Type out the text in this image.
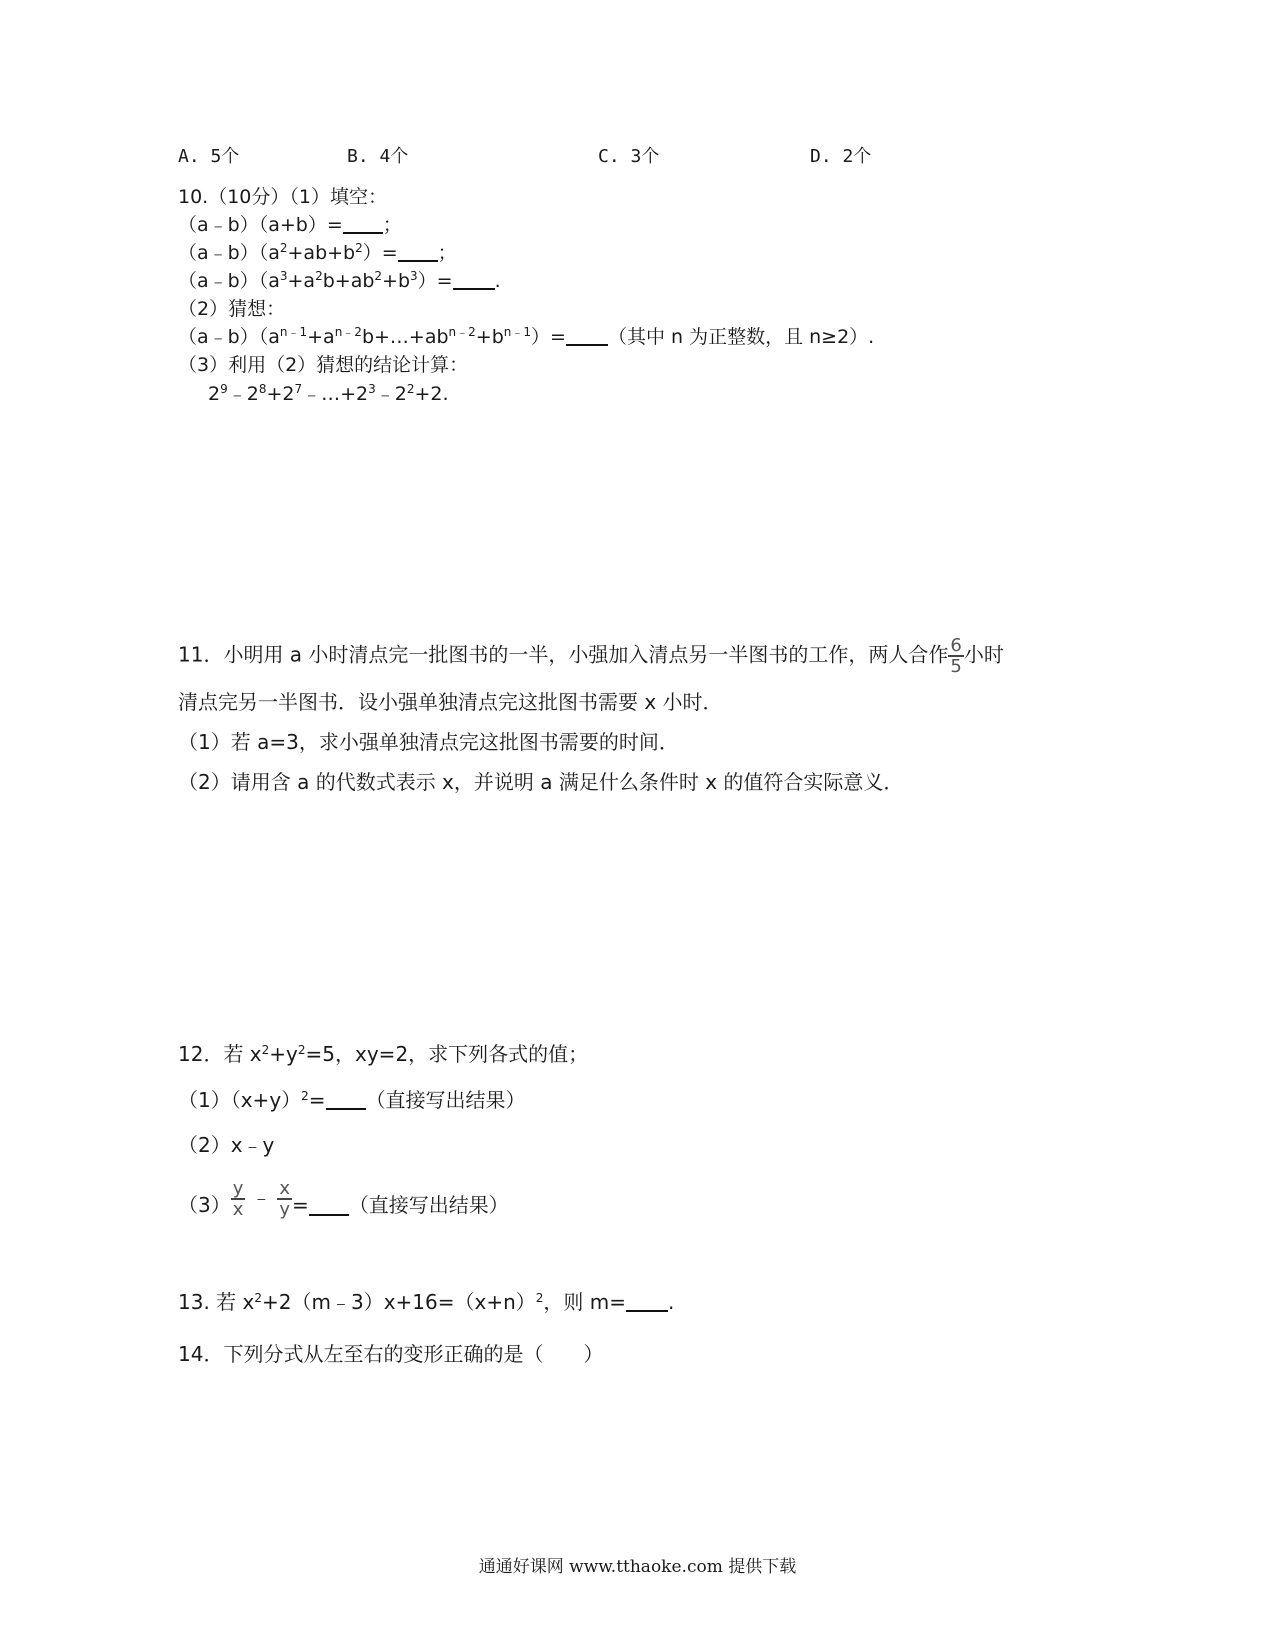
A. 5个	B. 4个	C. 3个	D. 2个
10.（10分）（1）填空：
（a﹣b）（a+b）= ；
$(a﹣b)(a^2+ab+b^2)=$ ；
$(a﹣b)(a^3+a^2b+ab^2+b^3)=$ .
（2）猜想：
$(a﹣b)(a^{n﹣1}+a^{n﹣2}b+\dots+ab^{n﹣2}+b^{n﹣1})=$ （其中 n 为正整数，且 n≥2）.
（3）利用（2）猜想的结论计算：
$2^9﹣2^8+2^7﹣\dots+2^3﹣2^2+2$.
11．小明用 a 小时清点完一批图书的一半，小强加入清点另一半图书的工作，两人合作 $\frac{6}{5}$ 小时
清点完另一半图书．设小强单独清点完这批图书需要 x 小时．
（1）若 a=3，求小强单独清点完这批图书需要的时间．
（2）请用含 a 的代数式表示 x，并说明 a 满足什么条件时 x 的值符合实际意义．
12．若 $x^2+y^2=5$，xy=2，求下列各式的值；
$(1)(x+y)^2=$ （直接写出结果）
（2）x﹣y
$(3) \frac{y}{x}$ ﹣ $\frac{x}{y}$ = （直接写出结果）
13. 若 $x^2+2(m﹣3)x+16=(x+n)^2$，则 m= .
14．下列分式从左至右的变形正确的是（　　）
通通好课网 www.tthaoke.com 提供下载
